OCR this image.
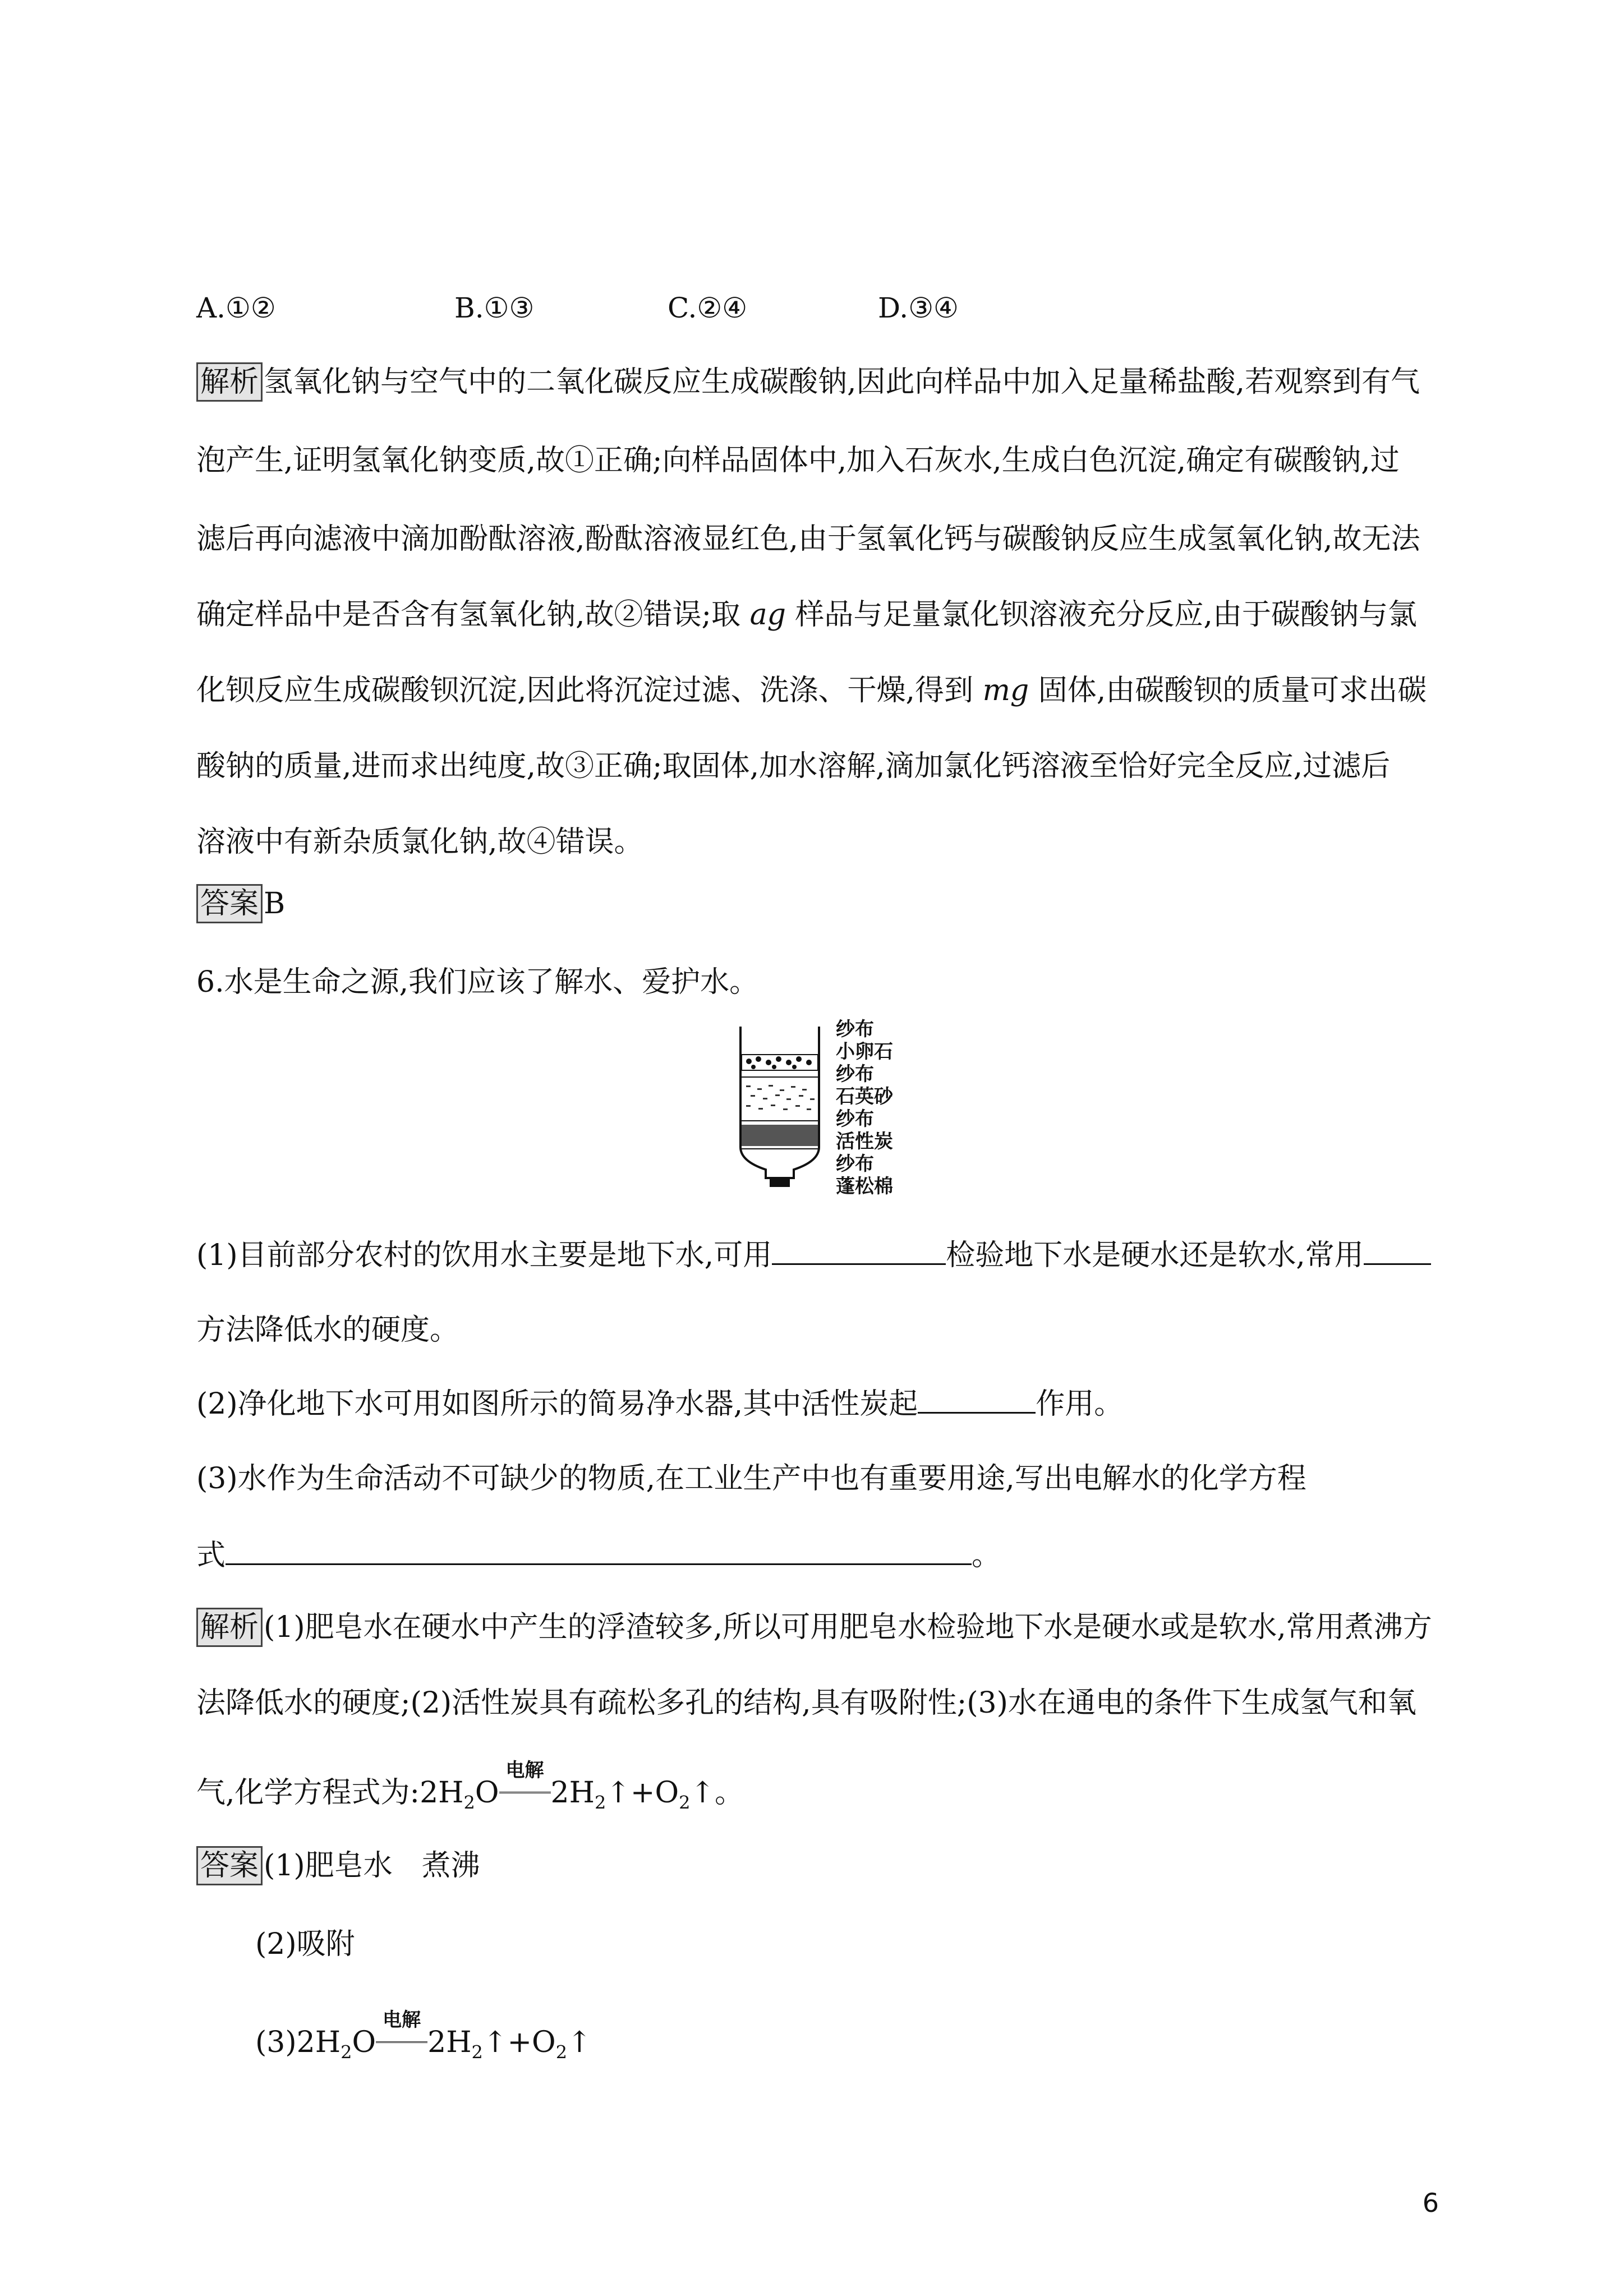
A.①②	B.①③	C.②④	D.③④
解析 氢氧化钠与空气中的二氧化碳反应生成碳酸钠,因此向样品中加入足量稀盐酸,若观察到有气
泡产生,证明氢氧化钠变质,故①正确;向样品固体中,加入石灰水,生成白色沉淀,确定有碳酸钠,过
滤后再向滤液中滴加酚酞溶液,酚酞溶液显红色,由于氢氧化钙与碳酸钠反应生成氢氧化钠,故无法
确定样品中是否含有氢氧化钠,故②错误;取 ag 样品与足量氯化钡溶液充分反应,由于碳酸钠与氯
化钡反应生成碳酸钡沉淀,因此将沉淀过滤、洗涤、干燥,得到 mg 固体,由碳酸钡的质量可求出碳
酸钠的质量,进而求出纯度,故③正确;取固体,加水溶解,滴加氯化钙溶液至恰好完全反应,过滤后
溶液中有新杂质氯化钠,故④错误。
答案 B
6.水是生命之源,我们应该了解水、爱护水。
纱布
小卵石
纱布
石英砂
纱布
活性炭
纱布
蓬松棉
(1)目前部分农村的饮用水主要是地下水,可用	检验地下水是硬水还是软水,常用
方法降低水的硬度。
(2)净化地下水可用如图所示的简易净水器,其中活性炭起	作用。
(3)水作为生命活动不可缺少的物质,在工业生产中也有重要用途,写出电解水的化学方程
式	。
解析 (1)肥皂水在硬水中产生的浮渣较多,所以可用肥皂水检验地下水是硬水或是软水,常用煮沸方
法降低水的硬度;(2)活性炭具有疏松多孔的结构,具有吸附性;(3)水在通电的条件下生成氢气和氧
气,化学方程式为$:2H_2O$
电解
$2H_2↑+O_2↑$。
答案 (1)肥皂水　煮沸
(2)吸附
$(3)2H_2O$
电解
$2H_2↑+O_2↑$
6
